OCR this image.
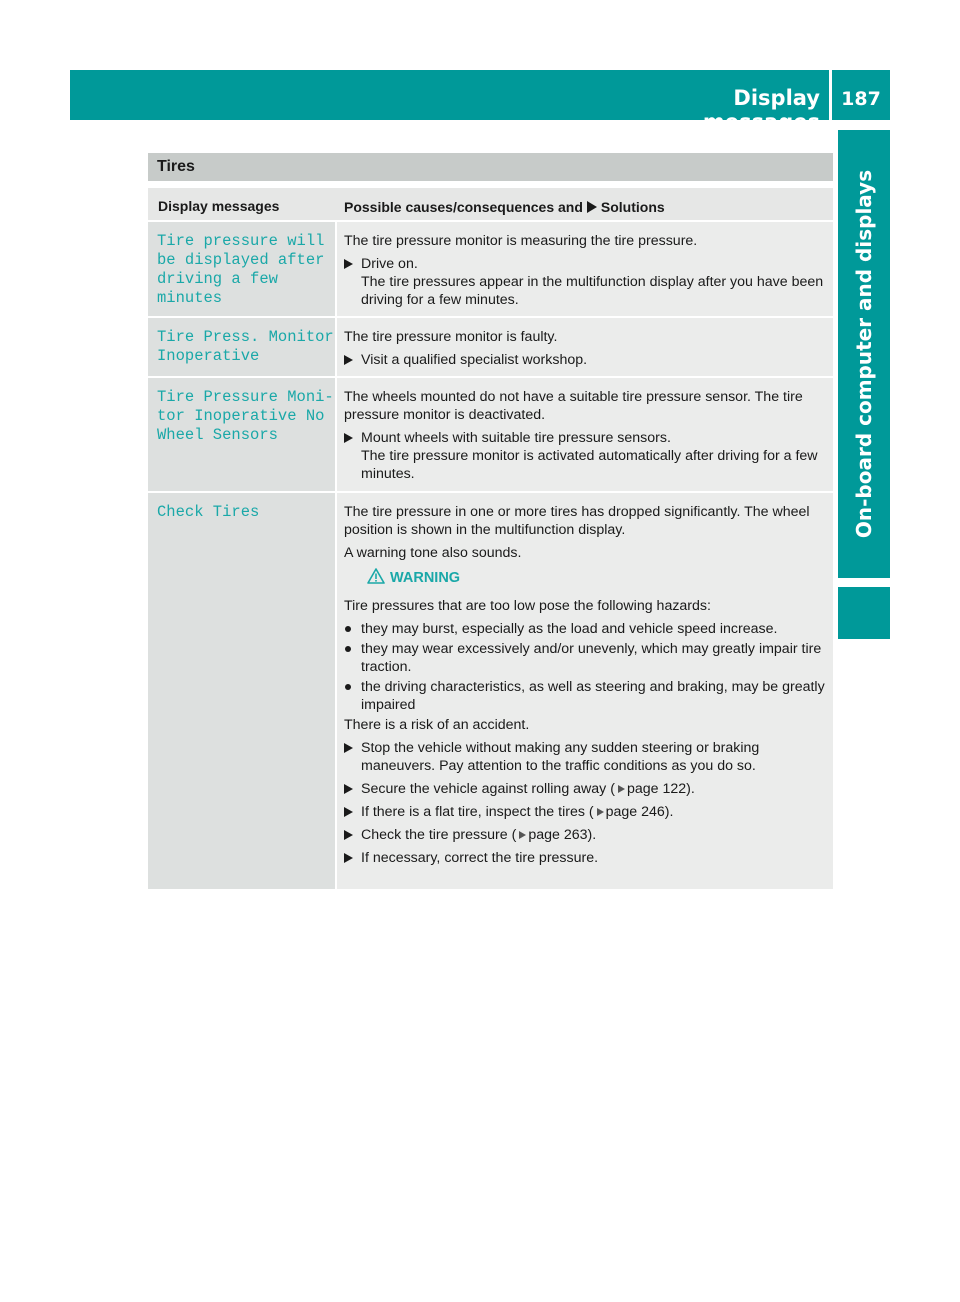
Display messages
187
On-board computer and displays
Tires
Display messages	Possible causes/consequences and Solutions
Tire pressure will
be displayed after
driving a few
minutes

The tire pressure monitor is measuring the tire pressure.

Drive on.
The tire pressures appear in the multifunction display after you have been driving for a few minutes.
Tire Press. Monitor
Inoperative

The tire pressure monitor is faulty.

Visit a qualified specialist workshop.
Tire Pressure Moni‐
tor Inoperative No
Wheel Sensors

The wheels mounted do not have a suitable tire pressure sensor. The tire pressure monitor is deactivated.

Mount wheels with suitable tire pressure sensors.
The tire pressure monitor is activated automatically after driving for a few minutes.
Check Tires	The tire pressure in one or more tires has dropped significantly. The wheel position is shown in the multifunction display.

A warning tone also sounds.

WARNING

Tire pressures that are too low pose the following hazards:

they may burst, especially as the load and vehicle speed increase.
they may wear excessively and/or unevenly, which may greatly impair tire traction.
the driving characteristics, as well as steering and braking, may be greatly impaired

There is a risk of an accident.

Stop the vehicle without making any sudden steering or braking maneuvers. Pay attention to the traffic conditions as you do so.
Secure the vehicle against rolling away ( page 122).
If there is a flat tire, inspect the tires ( page 246).
Check the tire pressure ( page 263).
If necessary, correct the tire pressure.
